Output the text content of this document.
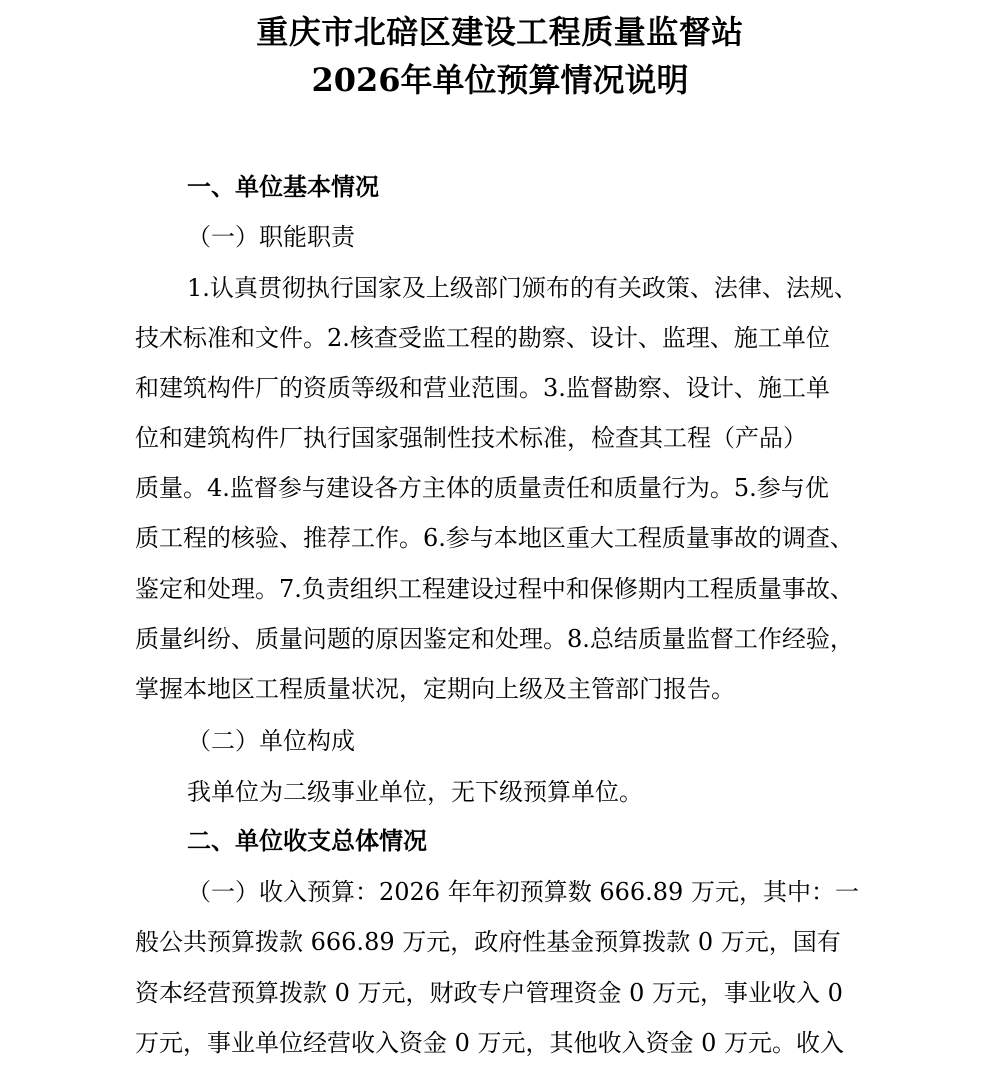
重庆市北碚区建设工程质量监督站
2026年单位预算情况说明
一、单位基本情况
（一）职能职责
1.认真贯彻执行国家及上级部门颁布的有关政策、法律、法规、
技术标准和文件。2.核查受监工程的勘察、设计、监理、施工单位
和建筑构件厂的资质等级和营业范围。3.监督勘察、设计、施工单
位和建筑构件厂执行国家强制性技术标准，检查其工程（产品）
质量。4.监督参与建设各方主体的质量责任和质量行为。5.参与优
质工程的核验、推荐工作。6.参与本地区重大工程质量事故的调查、
鉴定和处理。7.负责组织工程建设过程中和保修期内工程质量事故、
质量纠纷、质量问题的原因鉴定和处理。8.总结质量监督工作经验，
掌握本地区工程质量状况，定期向上级及主管部门报告。
（二）单位构成
我单位为二级事业单位，无下级预算单位。
二、单位收支总体情况
（一）收入预算：2026 年年初预算数 666.89 万元，其中：一
般公共预算拨款 666.89 万元，政府性基金预算拨款 0 万元，国有
资本经营预算拨款 0 万元，财政专户管理资金 0 万元，事业收入 0
万元，事业单位经营收入资金 0 万元，其他收入资金 0 万元。收入
